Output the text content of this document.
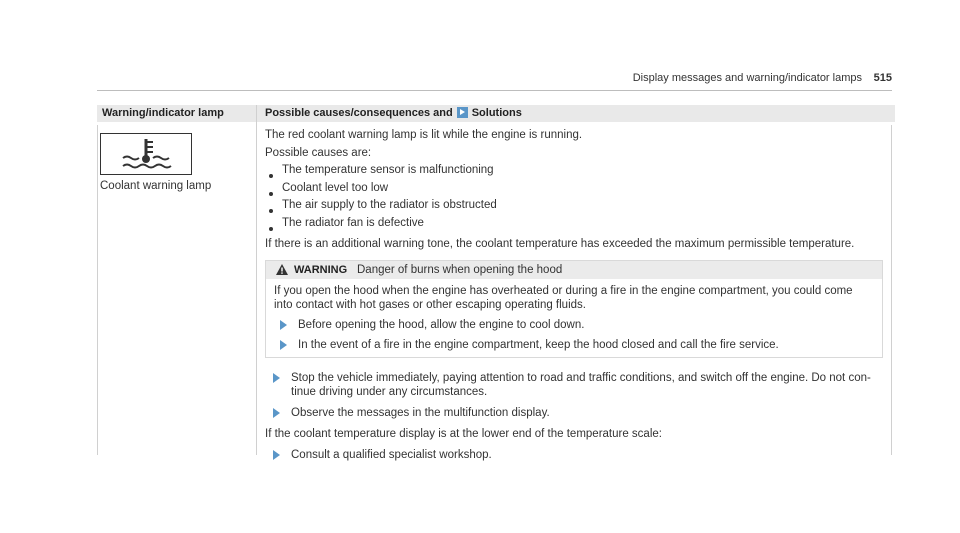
Display messages and warning/indicator lamps 515
Warning/indicator lamp	Possible causes/consequences and Solutions
Coolant warning lamp
The red coolant warning lamp is lit while the engine is running.
Possible causes are:
The temperature sensor is malfunctioning
Coolant level too low
The air supply to the radiator is obstructed
The radiator fan is defective
If there is an additional warning tone, the coolant temperature has exceeded the maximum permissible temperature.
WARNING Danger of burns when opening the hood
If you open the hood when the engine has overheated or during a fire in the engine compartment, you could come
into contact with hot gases or other escaping operating fluids.
Before opening the hood, allow the engine to cool down.
In the event of a fire in the engine compartment, keep the hood closed and call the fire service.
Stop the vehicle immediately, paying attention to road and traffic conditions, and switch off the engine. Do not con-
tinue driving under any circumstances.
Observe the messages in the multifunction display.
If the coolant temperature display is at the lower end of the temperature scale:
Consult a qualified specialist workshop.
